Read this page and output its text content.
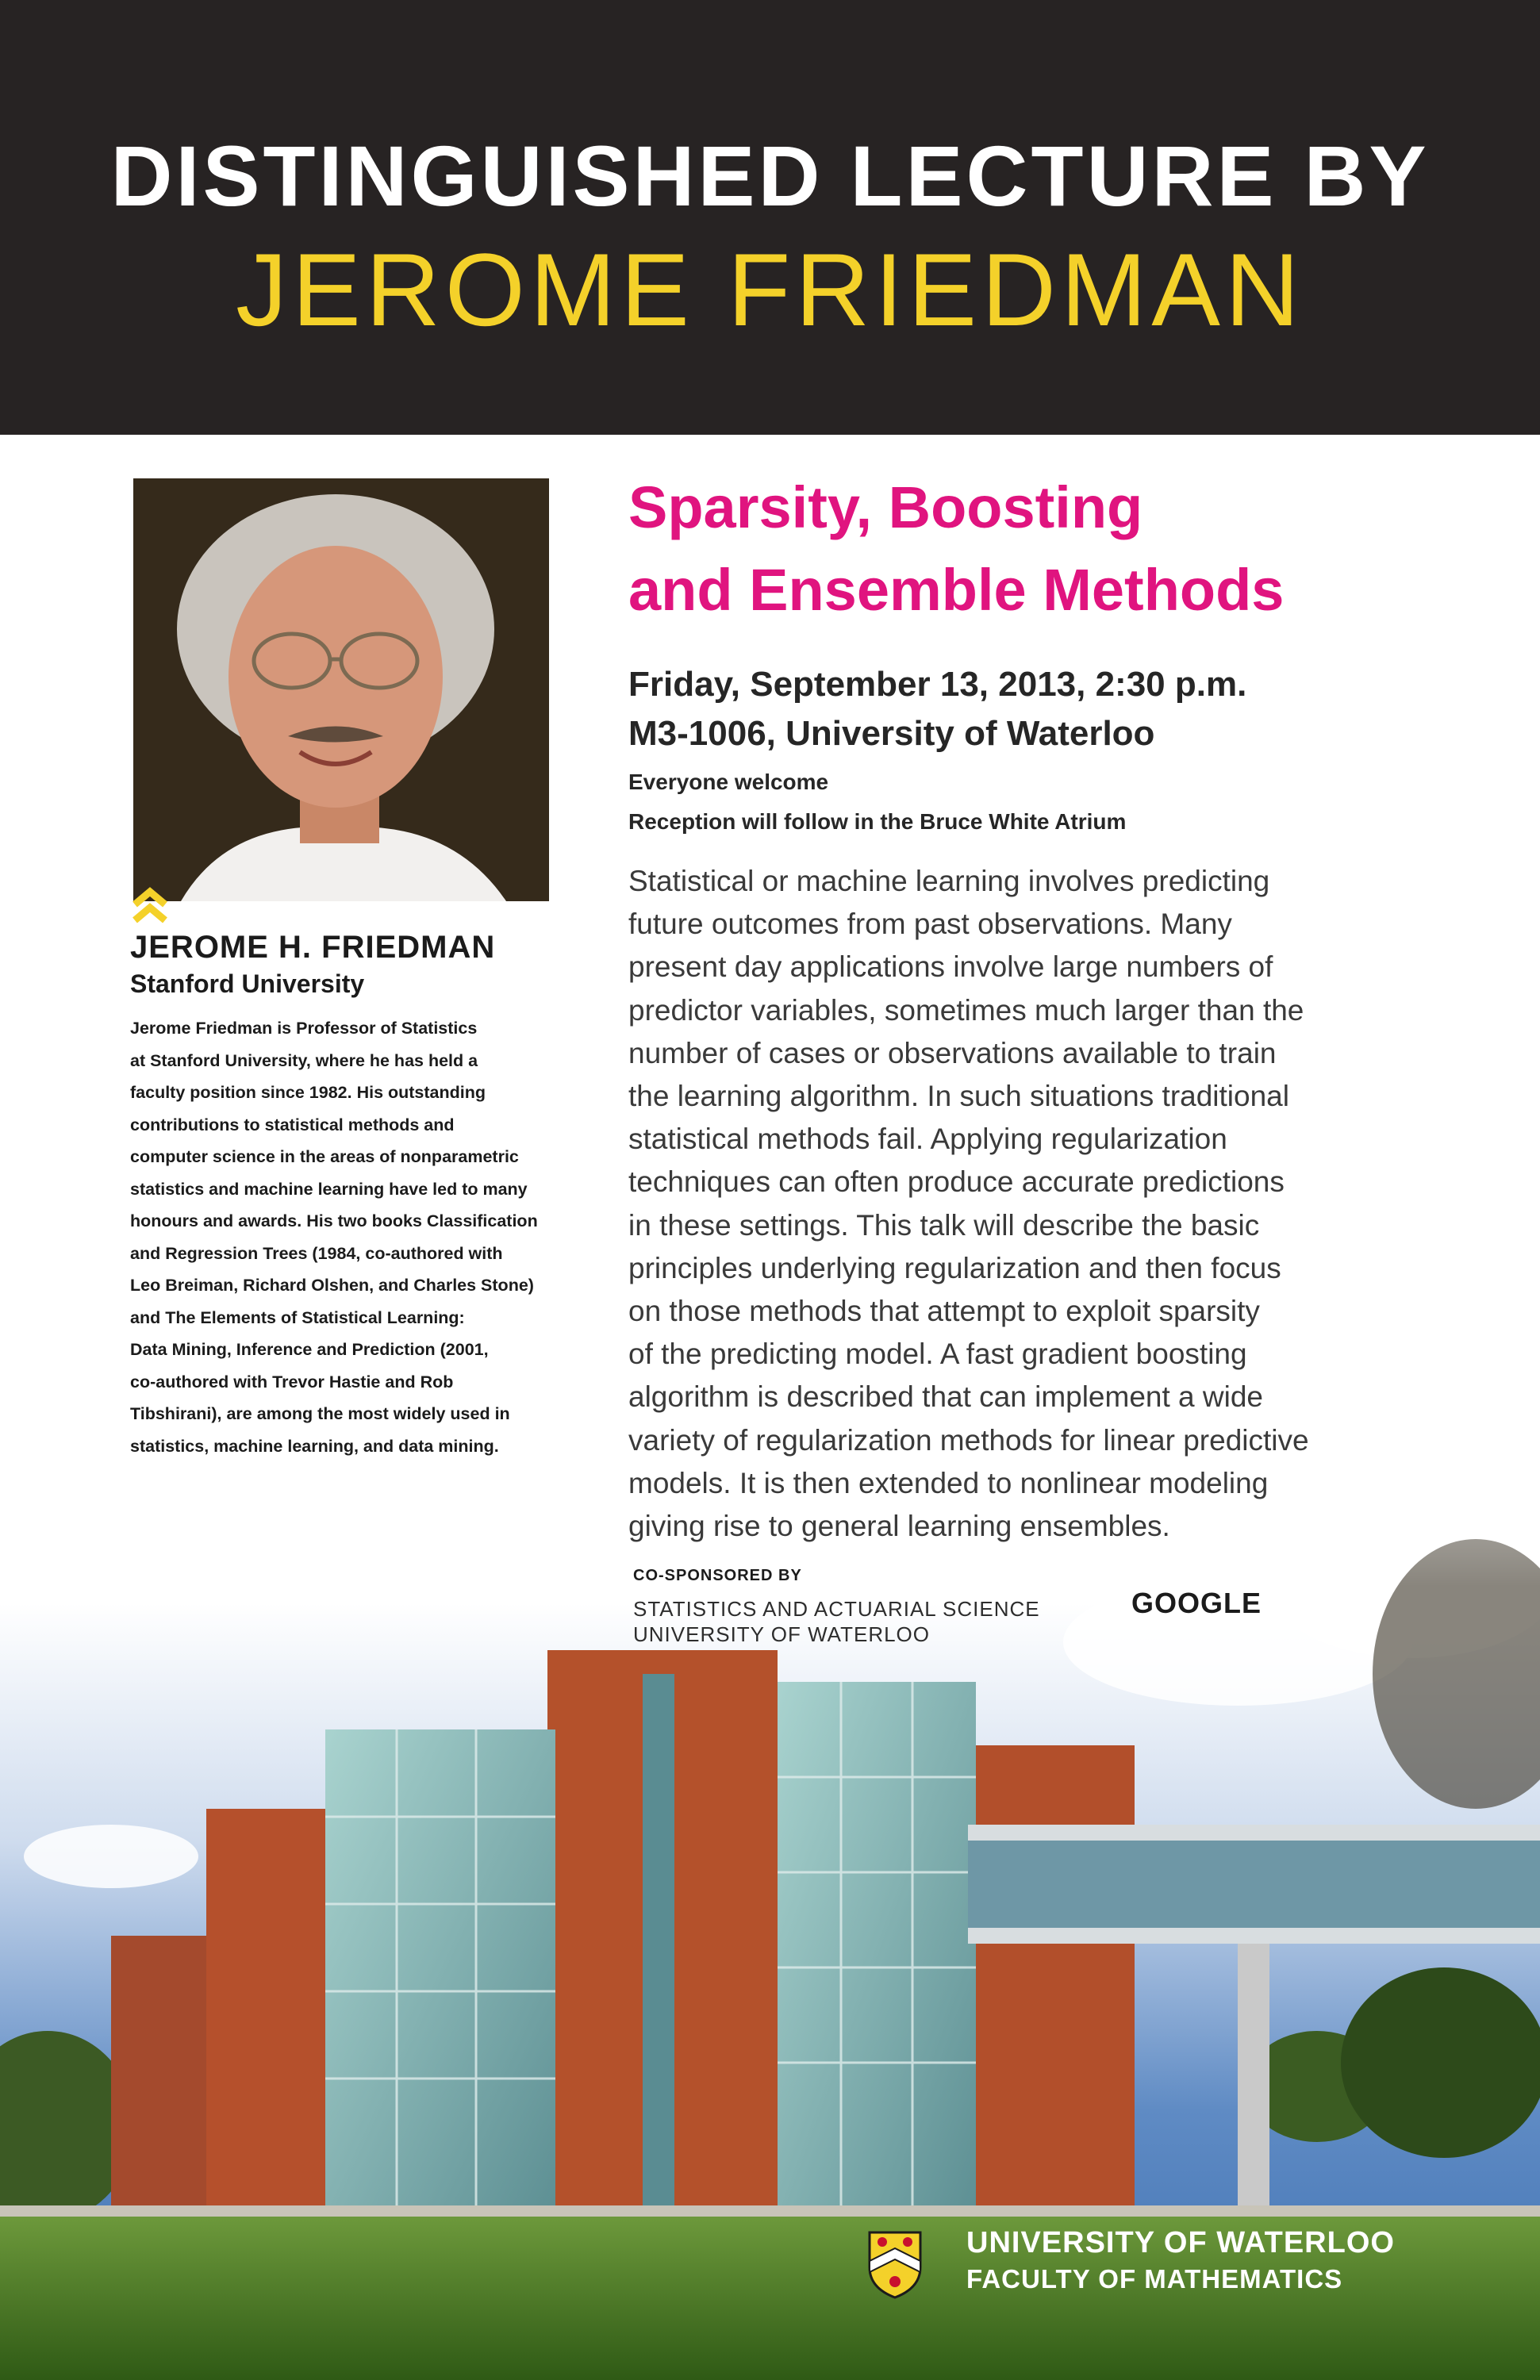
DISTINGUISHED LECTURE BY
JEROME FRIEDMAN
JEROME H. FRIEDMAN
Stanford University
Jerome Friedman is Professor of Statistics
at Stanford University, where he has held a
faculty position since 1982. His outstanding
contributions to statistical methods and
computer science in the areas of nonparametric
statistics and machine learning have led to many
honours and awards. His two books Classification
and Regression Trees (1984, co-authored with
Leo Breiman, Richard Olshen, and Charles Stone)
and The Elements of Statistical Learning:
Data Mining, Inference and Prediction (2001,
co-authored with Trevor Hastie and Rob
Tibshirani), are among the most widely used in
statistics, machine learning, and data mining.
Sparsity, Boosting
and Ensemble Methods
Friday, September 13, 2013, 2:30 p.m.
M3-1006, University of Waterloo
Everyone welcome
Reception will follow in the Bruce White Atrium
Statistical or machine learning involves predicting
future outcomes from past observations. Many
present day applications involve large numbers of
predictor variables, sometimes much larger than the
number of cases or observations available to train
the learning algorithm. In such situations traditional
statistical methods fail. Applying regularization
techniques can often produce accurate predictions
in these settings. This talk will describe the basic
principles underlying regularization and then focus
on those methods that attempt to exploit sparsity
of the predicting model. A fast gradient boosting
algorithm is described that can implement a wide
variety of regularization methods for linear predictive
models. It is then extended to nonlinear modeling
giving rise to general learning ensembles.
CO-SPONSORED BY
STATISTICS AND ACTUARIAL SCIENCE
UNIVERSITY OF WATERLOO
GOOGLE
UNIVERSITY OF WATERLOO
FACULTY OF MATHEMATICS
